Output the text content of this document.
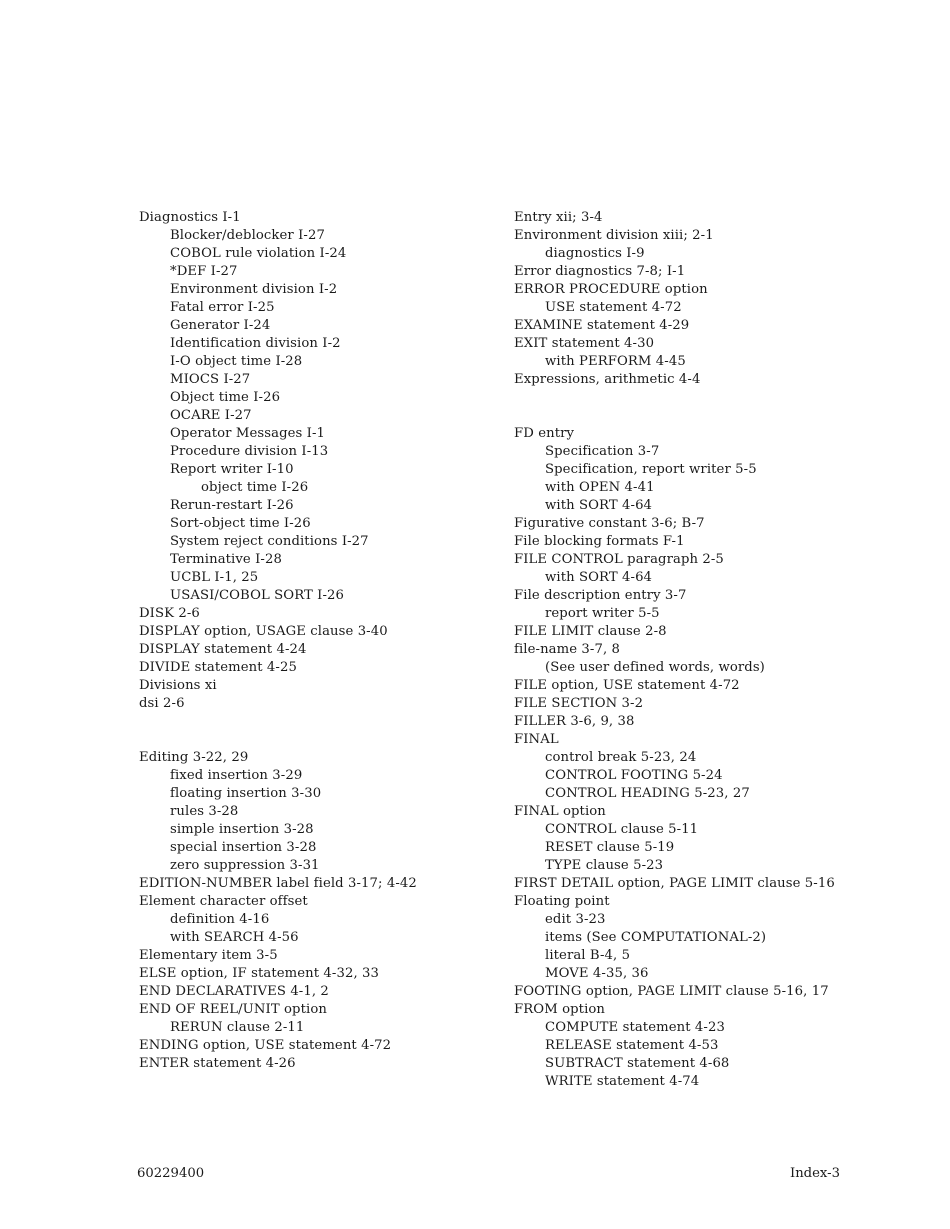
Diagnostics I-1
Blocker/deblocker I-27
COBOL rule violation I-24
*DEF I-27
Environment division I-2
Fatal error I-25
Generator I-24
Identification division I-2
I-O object time I-28
MIOCS I-27
Object time I-26
OCARE I-27
Operator Messages I-1
Procedure division I-13
Report writer I-10
object time I-26
Rerun-restart I-26
Sort-object time I-26
System reject conditions I-27
Terminative I-28
UCBL I-1, 25
USASI/COBOL SORT I-26
DISK 2-6
DISPLAY option, USAGE clause 3-40
DISPLAY statement 4-24
DIVIDE statement 4-25
Divisions xi
dsi 2-6
Editing 3-22, 29
fixed insertion 3-29
floating insertion 3-30
rules 3-28
simple insertion 3-28
special insertion 3-28
zero suppression 3-31
EDITION-NUMBER label field 3-17; 4-42
Element character offset
definition 4-16
with SEARCH 4-56
Elementary item 3-5
ELSE option, IF statement 4-32, 33
END DECLARATIVES 4-1, 2
END OF REEL/UNIT option
RERUN clause 2-11
ENDING option, USE statement 4-72
ENTER statement 4-26
Entry xii; 3-4
Environment division xiii; 2-1
diagnostics I-9
Error diagnostics 7-8; I-1
ERROR PROCEDURE option
USE statement 4-72
EXAMINE statement 4-29
EXIT statement 4-30
with PERFORM 4-45
Expressions, arithmetic 4-4
FD entry
Specification 3-7
Specification, report writer 5-5
with OPEN 4-41
with SORT 4-64
Figurative constant 3-6; B-7
File blocking formats F-1
FILE CONTROL paragraph 2-5
with SORT 4-64
File description entry 3-7
report writer 5-5
FILE LIMIT clause 2-8
file-name 3-7, 8
(See user defined words, words)
FILE option, USE statement 4-72
FILE SECTION 3-2
FILLER 3-6, 9, 38
FINAL
control break 5-23, 24
CONTROL FOOTING 5-24
CONTROL HEADING 5-23, 27
FINAL option
CONTROL clause 5-11
RESET clause 5-19
TYPE clause 5-23
FIRST DETAIL option, PAGE LIMIT clause 5-16
Floating point
edit 3-23
items (See COMPUTATIONAL-2)
literal B-4, 5
MOVE 4-35, 36
FOOTING option, PAGE LIMIT clause 5-16, 17
FROM option
COMPUTE statement 4-23
RELEASE statement 4-53
SUBTRACT statement 4-68
WRITE statement 4-74
60229400	Index-3
